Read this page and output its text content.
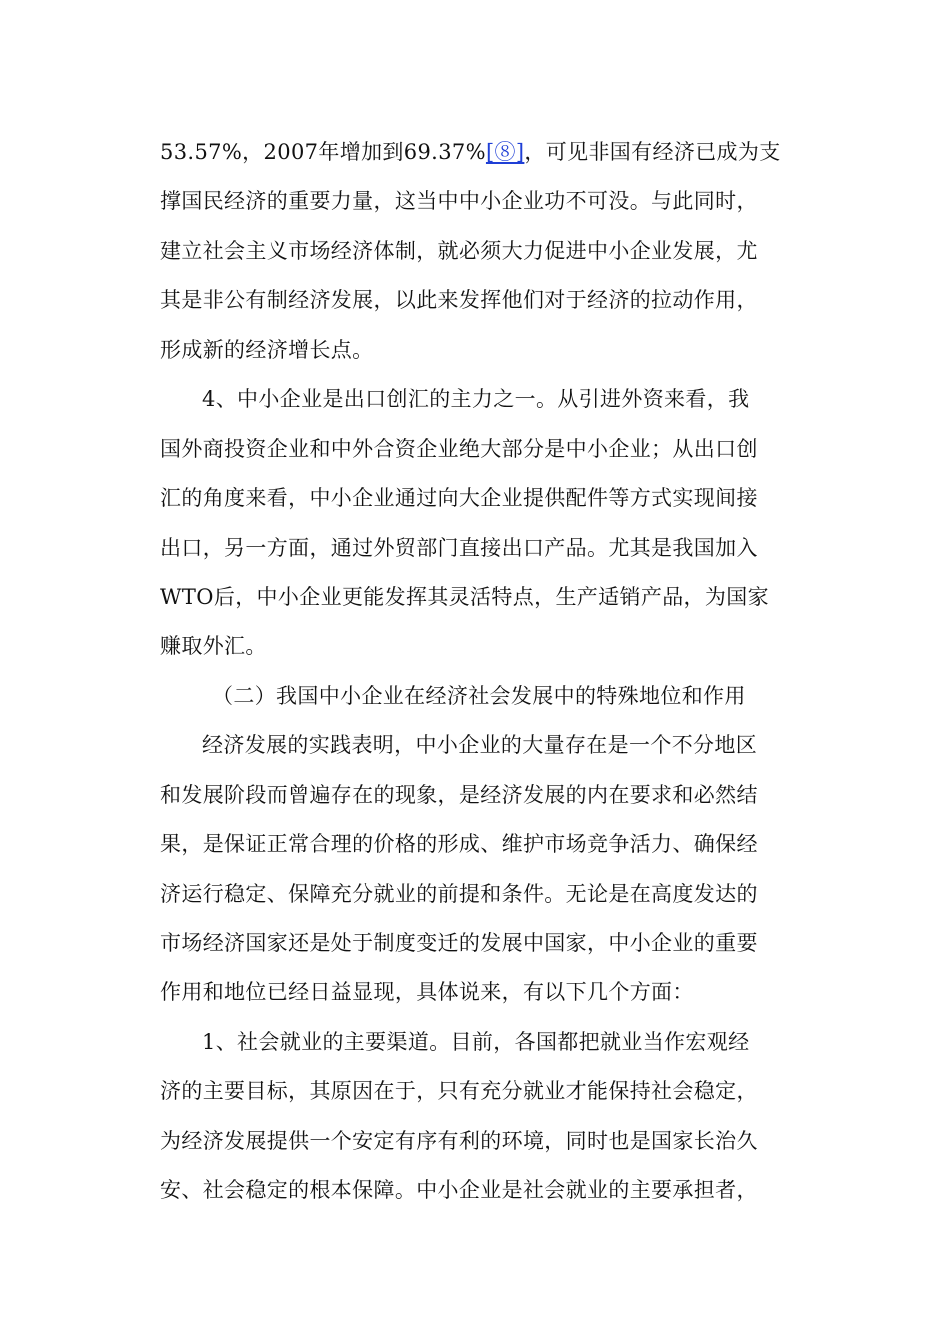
53.57%，2007年增加到69.37%[⑧]，可见非国有经济已成为支
撑国民经济的重要力量，这当中中小企业功不可没。与此同时，
建立社会主义市场经济体制，就必须大力促进中小企业发展，尤
其是非公有制经济发展，以此来发挥他们对于经济的拉动作用，
形成新的经济增长点。
4、中小企业是出口创汇的主力之一。从引进外资来看，我
国外商投资企业和中外合资企业绝大部分是中小企业；从出口创
汇的角度来看，中小企业通过向大企业提供配件等方式实现间接
出口，另一方面，通过外贸部门直接出口产品。尤其是我国加入
WTO后，中小企业更能发挥其灵活特点，生产适销产品，为国家
赚取外汇。
（二）我国中小企业在经济社会发展中的特殊地位和作用
经济发展的实践表明，中小企业的大量存在是一个不分地区
和发展阶段而曾遍存在的现象，是经济发展的内在要求和必然结
果，是保证正常合理的价格的形成、维护市场竞争活力、确保经
济运行稳定、保障充分就业的前提和条件。无论是在高度发达的
市场经济国家还是处于制度变迁的发展中国家，中小企业的重要
作用和地位已经日益显现，具体说来，有以下几个方面：
1、社会就业的主要渠道。目前，各国都把就业当作宏观经
济的主要目标，其原因在于，只有充分就业才能保持社会稳定，
为经济发展提供一个安定有序有利的环境，同时也是国家长治久
安、社会稳定的根本保障。中小企业是社会就业的主要承担者，
